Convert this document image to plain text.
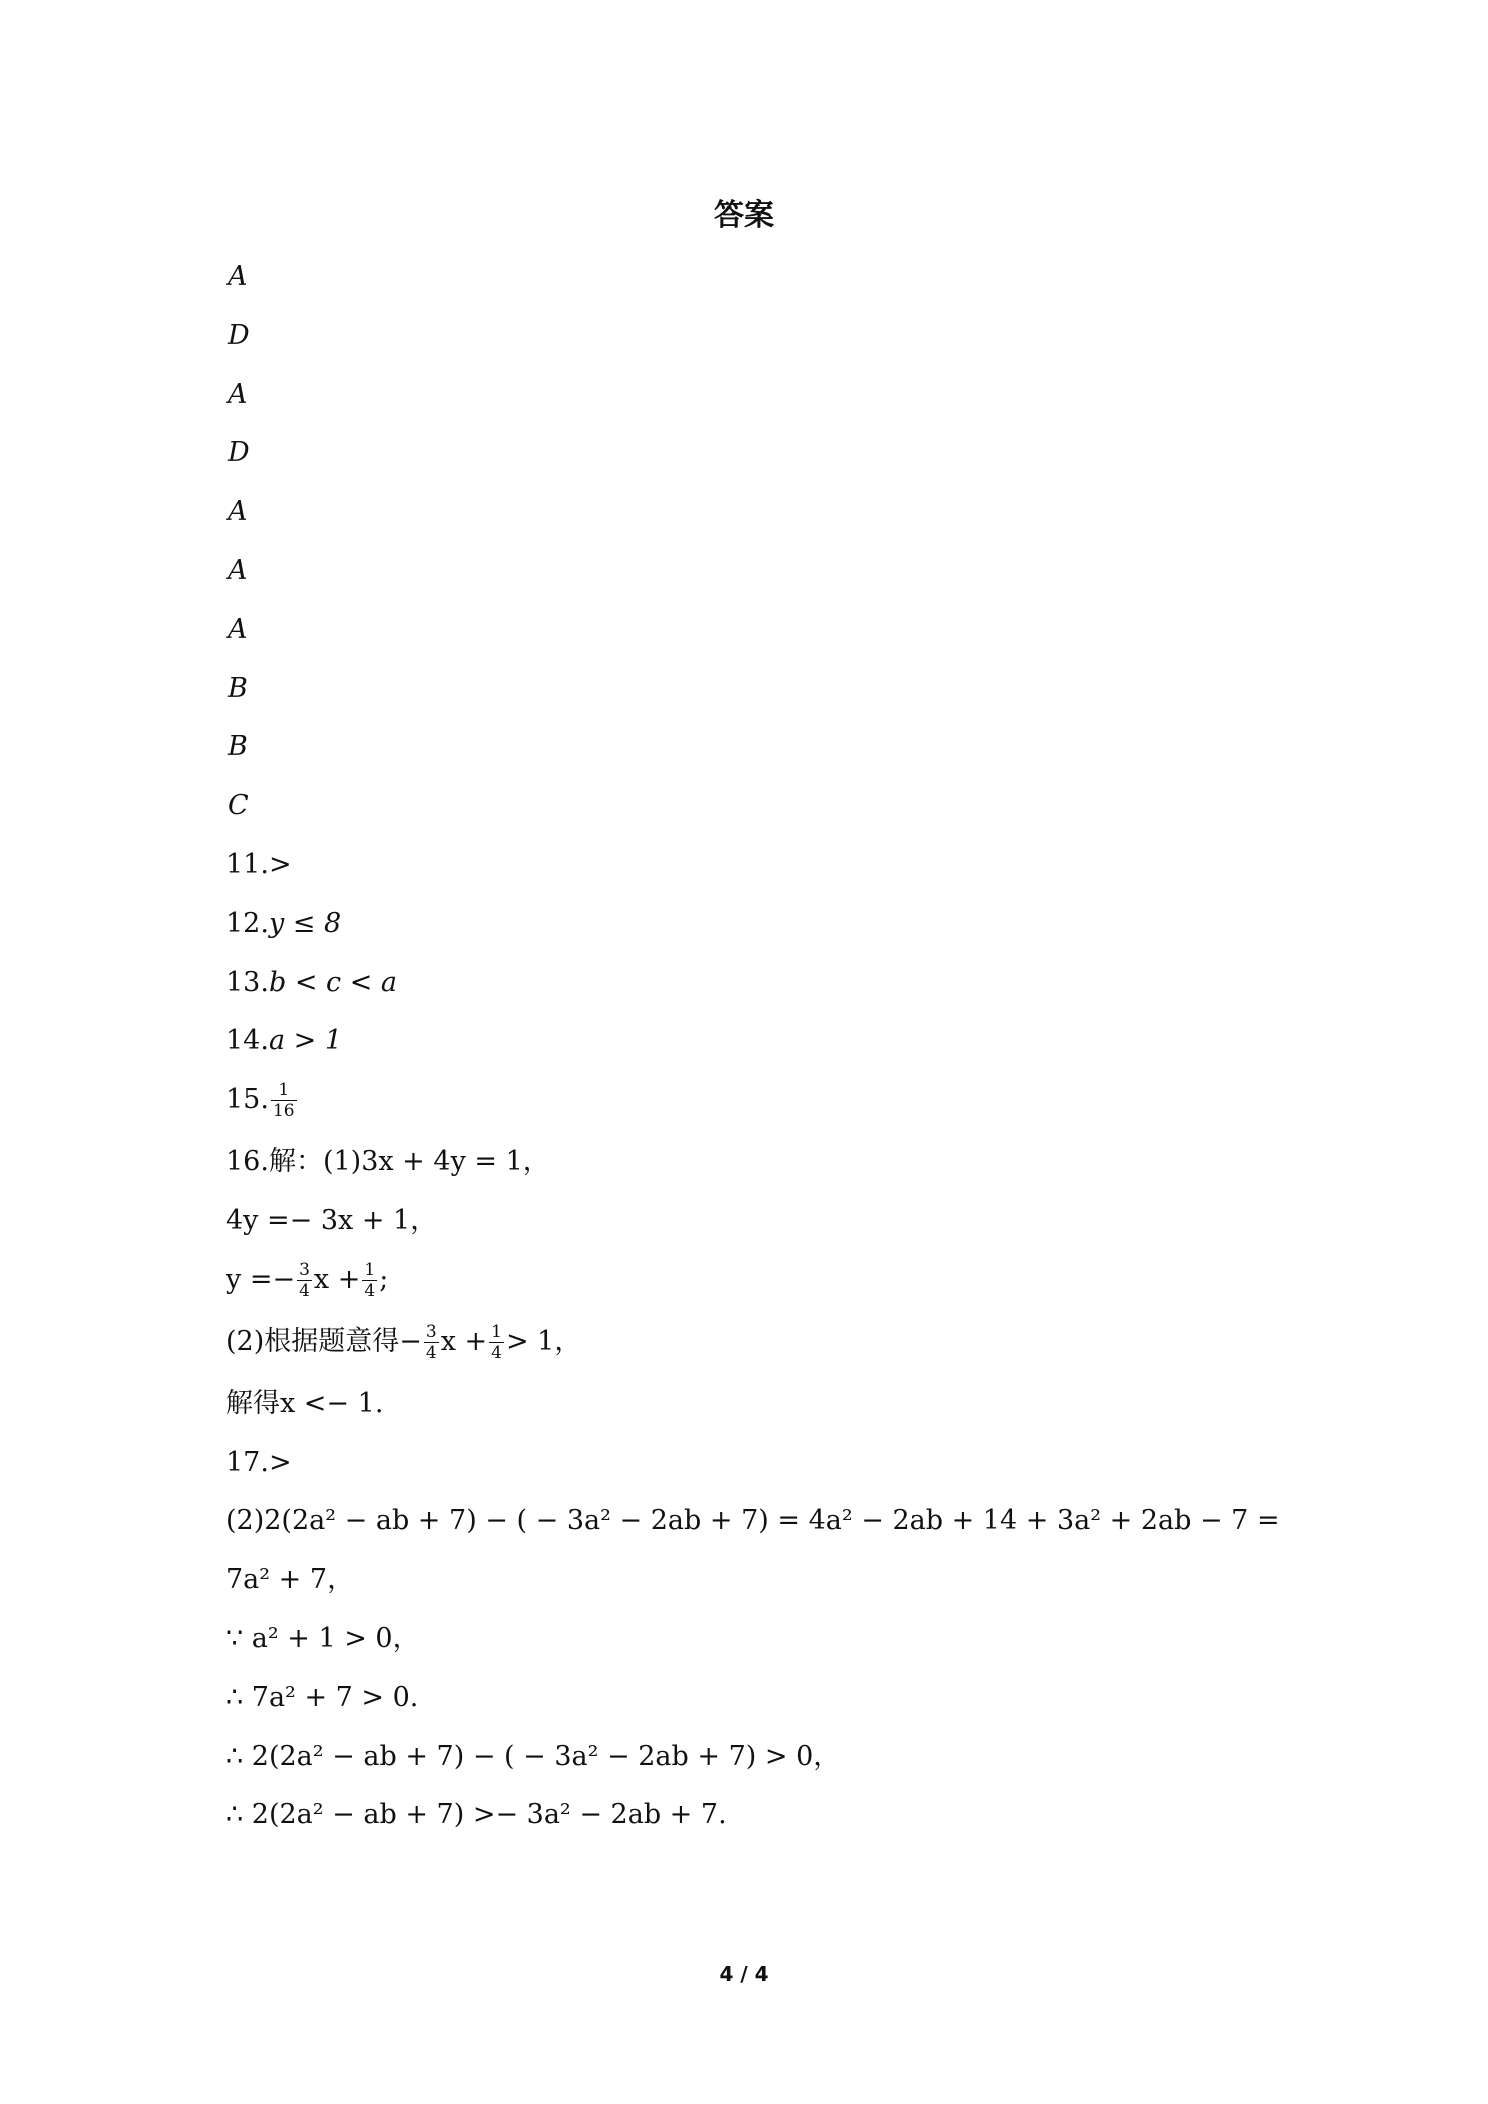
答案
A
D
A
D
A
A
A
B
B
C
11.>
12.y ≤ 8
13.b < c < a
14.a > 1
15. $\frac{1}{16}$
16.解：(1)3x + 4y = 1，
4y =− 3x + 1，
$y =- \frac{3}{4}$ $x + \frac{1}{4}$ ;
(2)根据题意得− $\frac{3}{4}$ $x + \frac{1}{4} > 1$，
解得x <− 1.
17.>
(2)2(2a² − ab + 7) − ( − 3a² − 2ab + 7) = 4a² − 2ab + 14 + 3a² + 2ab − 7 =
7a² + 7，
∵ a² + 1 > 0，
∴ 7a² + 7 > 0.
∴ 2(2a² − ab + 7) − ( − 3a² − 2ab + 7) > 0，
∴ 2(2a² − ab + 7) >− 3a² − 2ab + 7.
4 / 4
